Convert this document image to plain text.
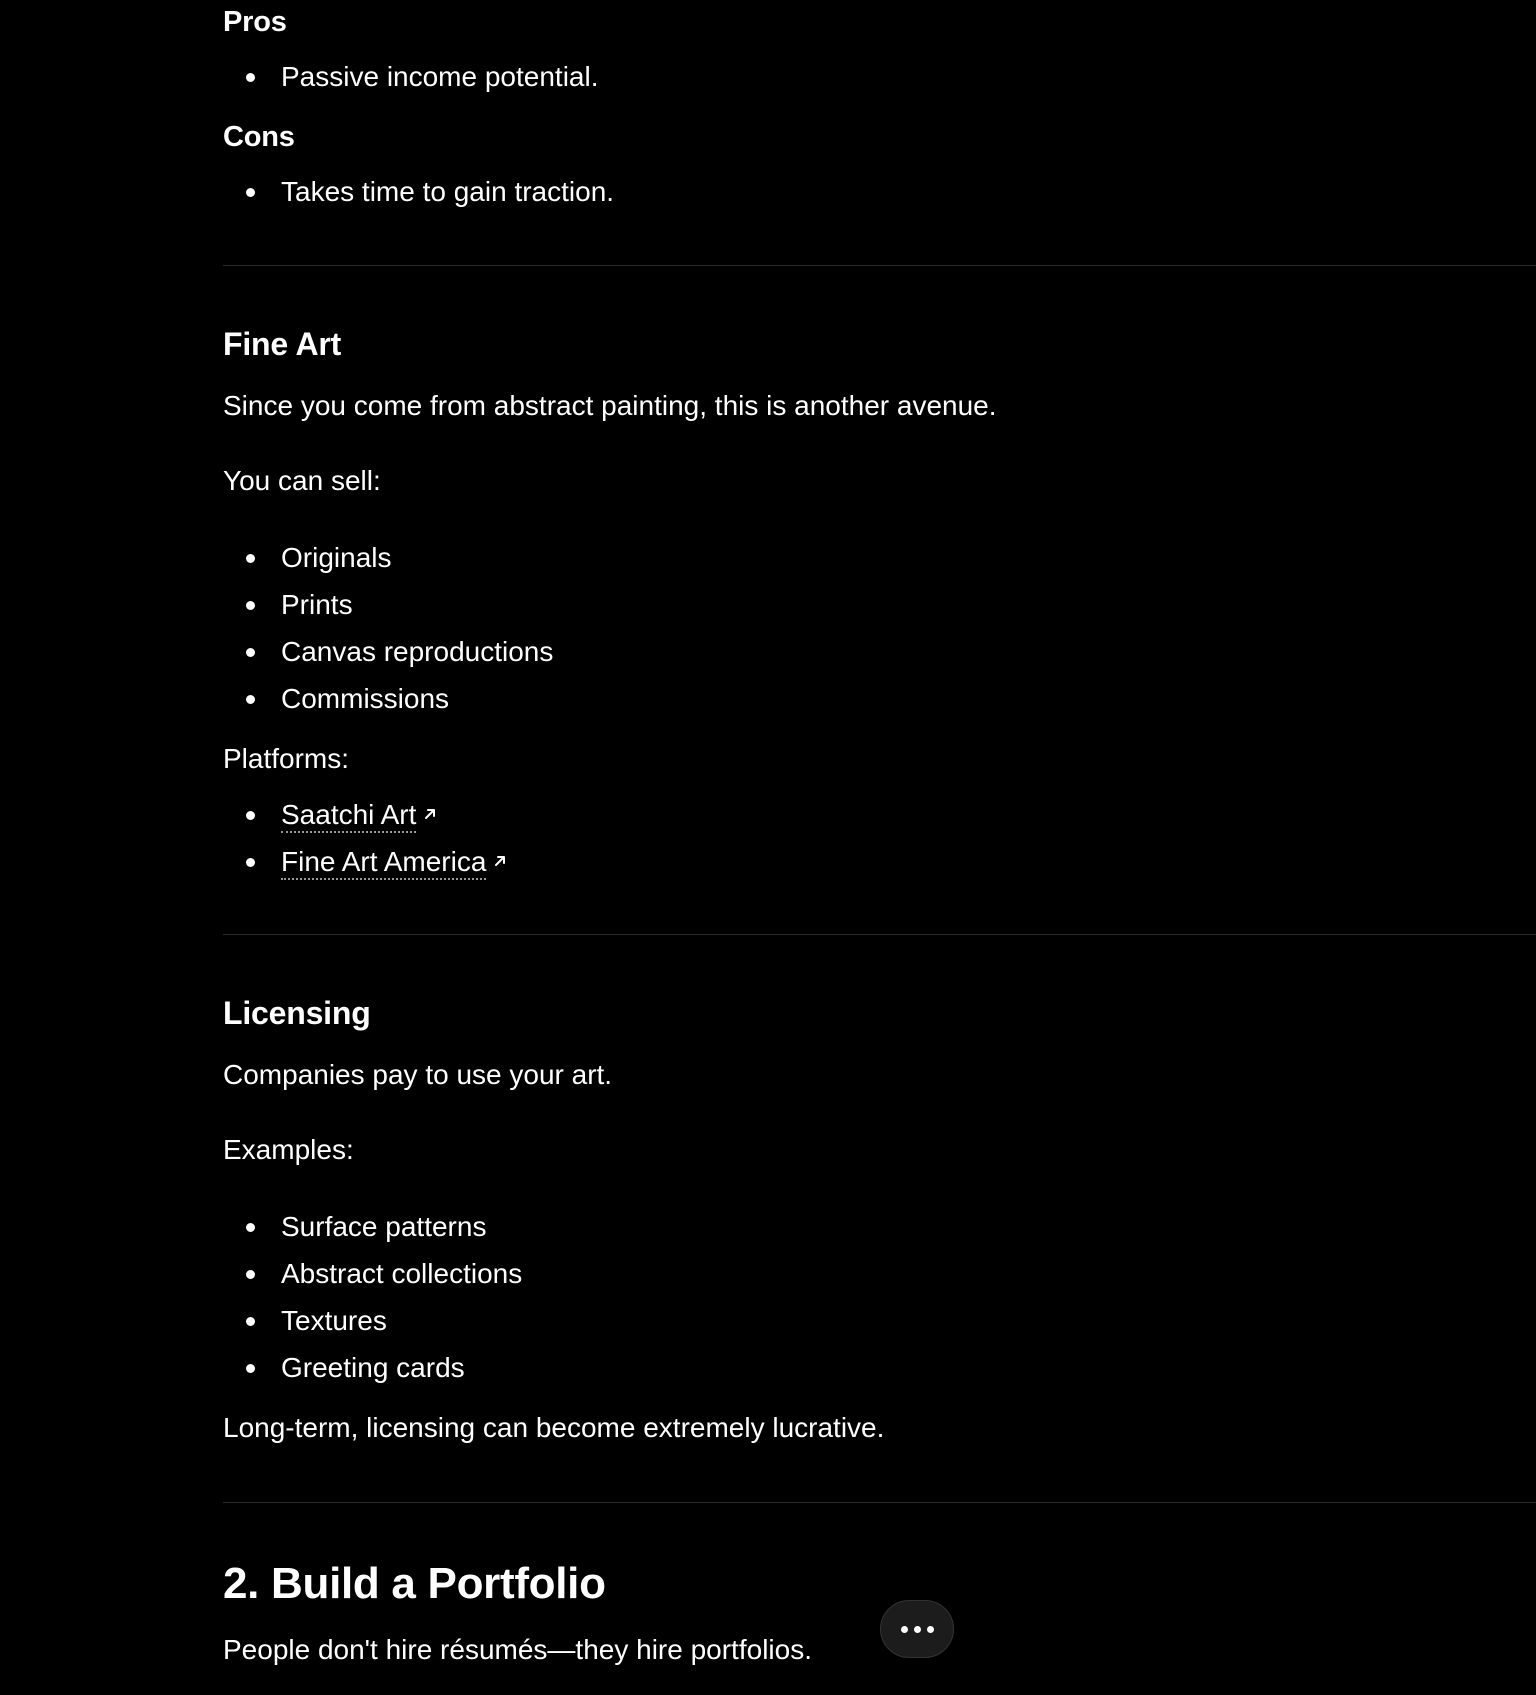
Pros
Passive income potential.
Cons
Takes time to gain traction.
Fine Art

Since you come from abstract painting, this is another avenue.

You can sell:

Originals
Prints
Canvas reproductions
Commissions

Platforms:

Saatchi Art
Fine Art America
Licensing

Companies pay to use your art.

Examples:

Surface patterns
Abstract collections
Textures
Greeting cards

Long-term, licensing can become extremely lucrative.

2. Build a Portfolio

People don't hire résumés—they hire portfolios.
